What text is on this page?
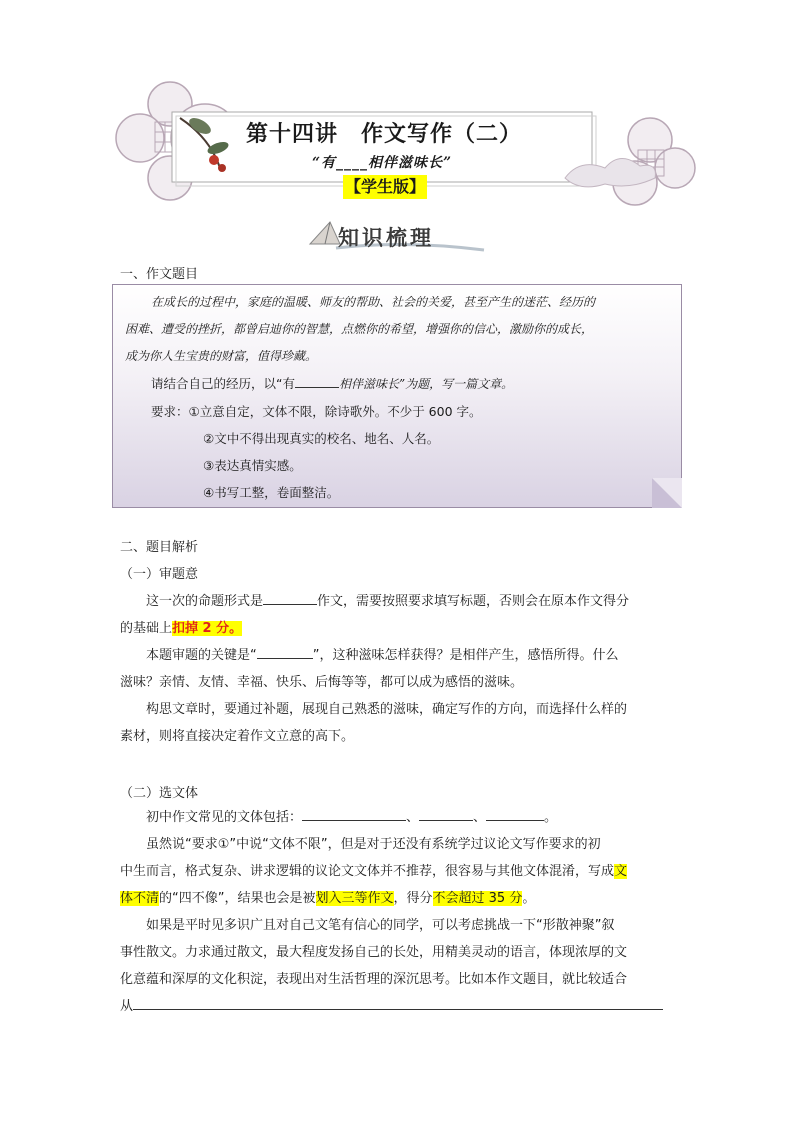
第十四讲　作文写作（二）
“有____相伴滋味长”
【学生版】
知识梳理
一、作文题目
在成长的过程中，家庭的温暖、师友的帮助、社会的关爱，甚至产生的迷茫、经历的
困难、遭受的挫折，都曾启迪你的智慧，点燃你的希望，增强你的信心，激励你的成长，
成为你人生宝贵的财富，值得珍藏。
请结合自己的经历，以“有	相伴滋味长”为题，写一篇文章。
要求：①立意自定，文体不限，除诗歌外。不少于 600 字。
②文中不得出现真实的校名、地名、人名。
③表达真情实感。
④书写工整，卷面整洁。
二、题目解析
（一）审题意
这一次的命题形式是	作文，需要按照要求填写标题，否则会在原本作文得分
的基础上扣掉 2 分。
本题审题的关键是“	”，这种滋味怎样获得？是相伴产生，感悟所得。什么
滋味？亲情、友情、幸福、快乐、后悔等等，都可以成为感悟的滋味。
构思文章时，要通过补题，展现自己熟悉的滋味，确定写作的方向，而选择什么样的
素材，则将直接决定着作文立意的高下。
（二）选文体
初中作文常见的文体包括：	、	、	。
虽然说“要求①”中说“文体不限”，但是对于还没有系统学过议论文写作要求的初
中生而言，格式复杂、讲求逻辑的议论文文体并不推荐，很容易与其他文体混淆，写成文
体不清的“四不像”，结果也会是被划入三等作文，得分不会超过 35 分。
如果是平时见多识广且对自己文笔有信心的同学，可以考虑挑战一下“形散神聚”叙
事性散文。力求通过散文，最大程度发扬自己的长处，用精美灵动的语言，体现浓厚的文
化意蕴和深厚的文化积淀，表现出对生活哲理的深沉思考。比如本作文题目，就比较适合
从
